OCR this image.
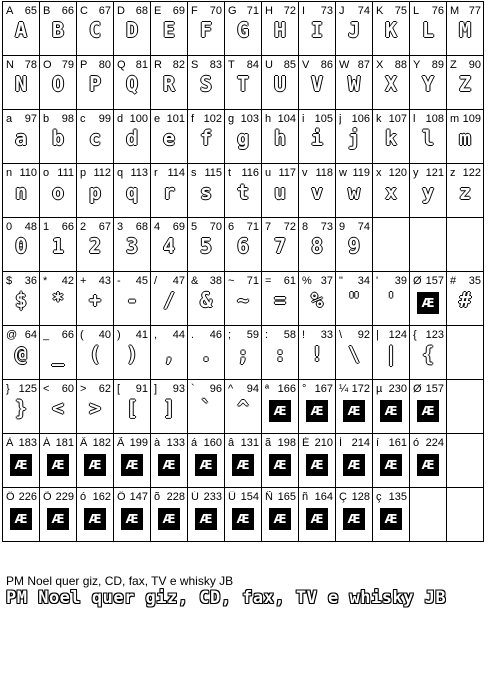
A 65
A
B 66
B
C 67
C
D 68
D
E 69
E
F 70
F
G 71
G
H 72
H
I 73
I
J 74
J
K 75
K
L 76
L
M 77
M
N 78
N
O 79
O
P 80
P
Q 81
Q
R 82
R
S 83
S
T 84
T
U 85
U
V 86
V
W 87
W
X 88
X
Y 89
Y
Z 90
Z
a 97
a
b 98
b
c 99
c
d 100
d
e 101
e
f 102
f
g 103
g
h 104
h
i 105
i
j 106
j
k 107
k
l 108
l
m 109
m
n 110
n
o 111
o
p 112
p
q 113
q
r 114
r
s 115
s
t 116
t
u 117
u
v 118
v
w 119
w
x 120
x
y 121
y
z 122
z
0 48
0
1 66
1
2 67
2
3 68
3
4 69
4
5 70
5
6 71
6
7 72
7
8 73
8
9 74
9
$ 36
$
* 42
*
+ 43
+
- 45
-
/ 47
/
& 38
&
~ 71
~
= 61
=
% 37
%
" 34
"
' 39
'
Ø 157
Æ
# 35
#
@ 64
@
_ 66
_
( 40
(
) 41
)
, 44
,
. 46
.
; 59
;
: 58
:
! 33
!
\ 92
\
| 124
|
{ 123
{
} 125
}
< 60
<
> 62
>
[ 91
[
] 93
]
` 96
`
^ 94
^
ª 166
Æ
° 167
Æ
¼ 172
Æ
µ 230
Æ
Ø 157
Æ
À 183
Æ
Á 181
Æ
Â 182
Æ
Ã 199
Æ
à 133
Æ
á 160
Æ
â 131
Æ
ã 198
Æ
É 210
Æ
Í 214
Æ
í 161
Æ
ó 224
Æ
Ô 226
Æ
Õ 229
Æ
ó 162
Æ
Ô 147
Æ
õ 228
Æ
Ú 233
Æ
Ü 154
Æ
Ñ 165
Æ
ñ 164
Æ
Ç 128
Æ
ç 135
Æ
PM Noel quer giz, CD, fax, TV e whisky JB
PM Noel quer giz, CD, fax, TV e whisky JB
